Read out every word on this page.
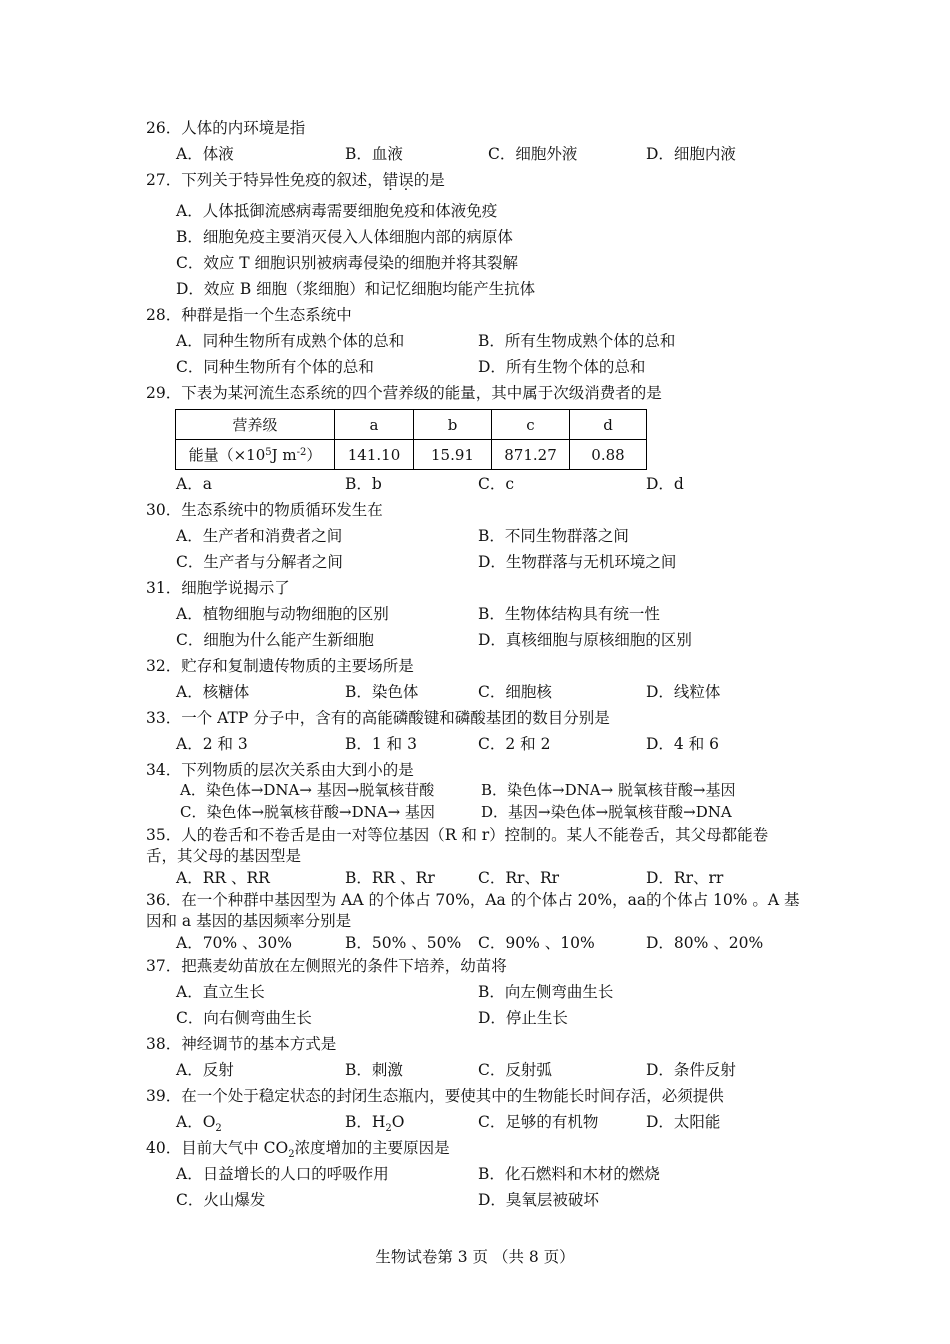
26．人体的内环境是指
A．体液	B．血液	C．细胞外液	D．细胞内液
27．下列关于特异性免疫的叙述，错误的是
A．人体抵御流感病毒需要细胞免疫和体液免疫
B．细胞免疫主要消灭侵入人体细胞内部的病原体
C．效应 T 细胞识别被病毒侵染的细胞并将其裂解
D．效应 B 细胞（浆细胞）和记忆细胞均能产生抗体
28．种群是指一个生态系统中
A．同种生物所有成熟个体的总和	B．所有生物成熟个体的总和
C．同种生物所有个体的总和	D．所有生物个体的总和
29．下表为某河流生态系统的四个营养级的能量，其中属于次级消费者的是
营养级	a	b	c	d
能量（$\times 10^5J$ $m^{-2}$）	141.10	15.91	871.27	0.88
A．a	B．b	C．c	D．d
30．生态系统中的物质循环发生在
A．生产者和消费者之间	B．不同生物群落之间
C．生产者与分解者之间	D．生物群落与无机环境之间
31．细胞学说揭示了
A．植物细胞与动物细胞的区别	B．生物体结构具有统一性
C．细胞为什么能产生新细胞	D．真核细胞与原核细胞的区别
32．贮存和复制遗传物质的主要场所是
A．核糖体	B．染色体	C．细胞核	D．线粒体
33．一个 ATP 分子中，含有的高能磷酸键和磷酸基团的数目分别是
A．2 和 3	B．1 和 3	C．2 和 2	D．4 和 6
34．下列物质的层次关系由大到小的是
A．染色体→DNA→ 基因→脱氧核苷酸	B．染色体→DNA→ 脱氧核苷酸→基因
C．染色体→脱氧核苷酸→DNA→ 基因	D．基因→染色体→脱氧核苷酸→DNA
35．人的卷舌和不卷舌是由一对等位基因（R 和 r）控制的。某人不能卷舌，其父母都能卷
舌，其父母的基因型是
A．RR 、RR	B．RR 、Rr	C．Rr、Rr	D．Rr、rr
36．在一个种群中基因型为 AA 的个体占 70%，Aa 的个体占 20%，aa的个体占 10% 。A 基
因和 a 基因的基因频率分别是
A．70% 、30%	B．50% 、50% C．90% 、10%	D．80% 、20%
37．把燕麦幼苗放在左侧照光的条件下培养，幼苗将
A．直立生长	B．向左侧弯曲生长
C．向右侧弯曲生长	D．停止生长
38．神经调节的基本方式是
A．反射	B．刺激	C．反射弧	D．条件反射
39．在一个处于稳定状态的封闭生态瓶内，要使其中的生物能长时间存活，必须提供
A．$O_2$	B．$H_2O$	C．足够的有机物	D．太阳能
40．目前大气中 $CO_2$浓度增加的主要原因是
A．日益增长的人口的呼吸作用	B．化石燃料和木材的燃烧
C．火山爆发	D．臭氧层被破坏
生物试卷第 3 页 （共 8 页）
